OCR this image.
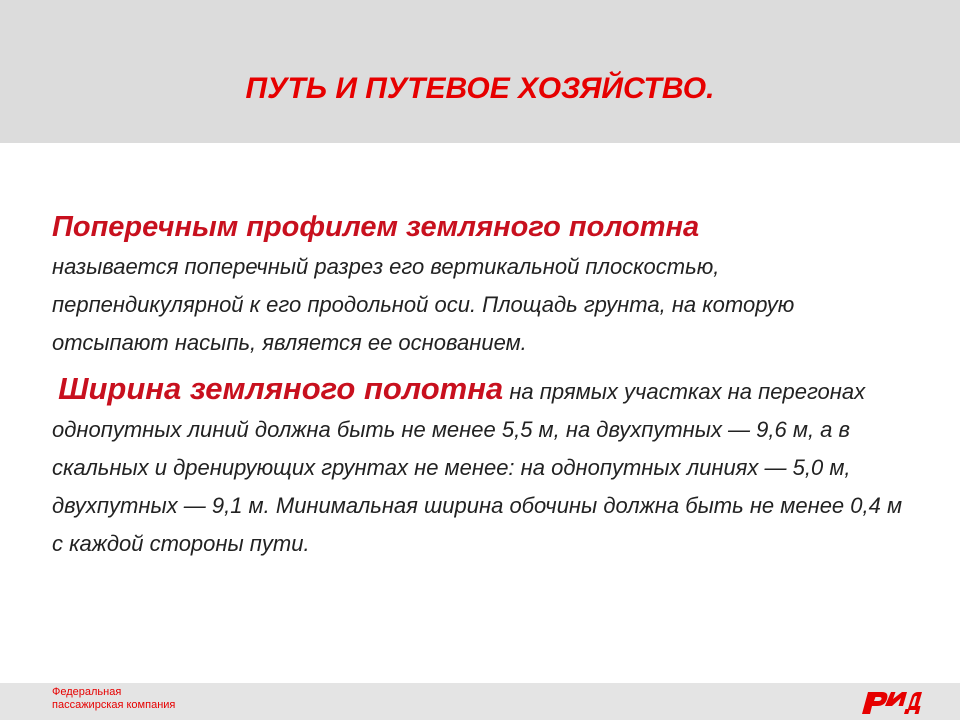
ПУТЬ И ПУТЕВОЕ ХОЗЯЙСТВО.

Поперечным профилем земляного полотна
называется поперечный разрез его вертикальной плоскостью, перпендикулярной к его продольной оси. Площадь грунта, на которую отсыпают насыпь, является ее основанием.

Ширина земляного полотна на прямых участках на перегонах однопутных линий должна быть не менее 5,5 м, на двухпутных — 9,6 м, а в скальных и дренирующих грунтах не менее: на однопутных линиях — 5,0 м, двухпутных — 9,1 м. Минимальная ширина обочины должна быть не менее 0,4 м с каждой стороны пути.

Федеральная
пассажирская компания
